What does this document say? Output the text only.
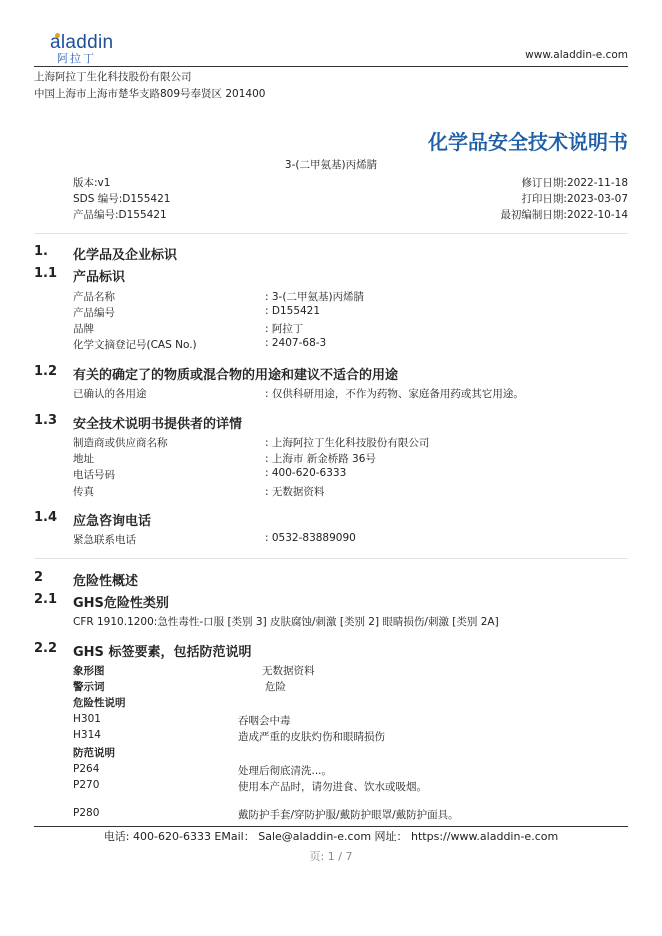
aladdin
阿拉丁	www.aladdin-e.com
上海阿拉丁生化科技股份有限公司
中国上海市上海市楚华支路809号奉贤区 201400
化学品安全技术说明书
3-(二甲氨基)丙烯腈
版本:v1
SDS 编号:D155421
产品编号:D155421
修订日期:2022-11-18
打印日期:2023-03-07
最初编制日期:2022-10-14
1. 化学品及企业标识
1.1 产品标识
产品名称	: 3-(二甲氨基)丙烯腈
产品编号	: D155421
品牌	: 阿拉丁
化学文摘登记号(CAS No.)	: 2407-68-3
1.2 有关的确定了的物质或混合物的用途和建议不适合的用途
已确认的各用途	: 仅供科研用途，不作为药物、家庭备用药或其它用途。
1.3 安全技术说明书提供者的详情
制造商或供应商名称	: 上海阿拉丁生化科技股份有限公司
地址	: 上海市 新金桥路 36号
电话号码	: 400-620-6333
传真	: 无数据资料
1.4 应急咨询电话
紧急联系电话	: 0532-83889090
2 危险性概述
2.1 GHS危险性类别
CFR 1910.1200:急性毒性-口服 [类别 3] 皮肤腐蚀/刺激 [类别 2] 眼睛损伤/刺激 [类别 2A]
2.2 GHS 标签要素，包括防范说明
象形图	无数据资料
警示词	危险
危险性说明
H301	吞咽会中毒
H314	造成严重的皮肤灼伤和眼睛损伤
防范说明
P264	处理后彻底清洗...。
P270	使用本产品时，请勿进食、饮水或吸烟。
P280	戴防护手套/穿防护服/戴防护眼罩/戴防护面具。
电话: 400-620-6333 EMail： Sale@aladdin-e.com 网址： https://www.aladdin-e.com
页: 1 / 7
